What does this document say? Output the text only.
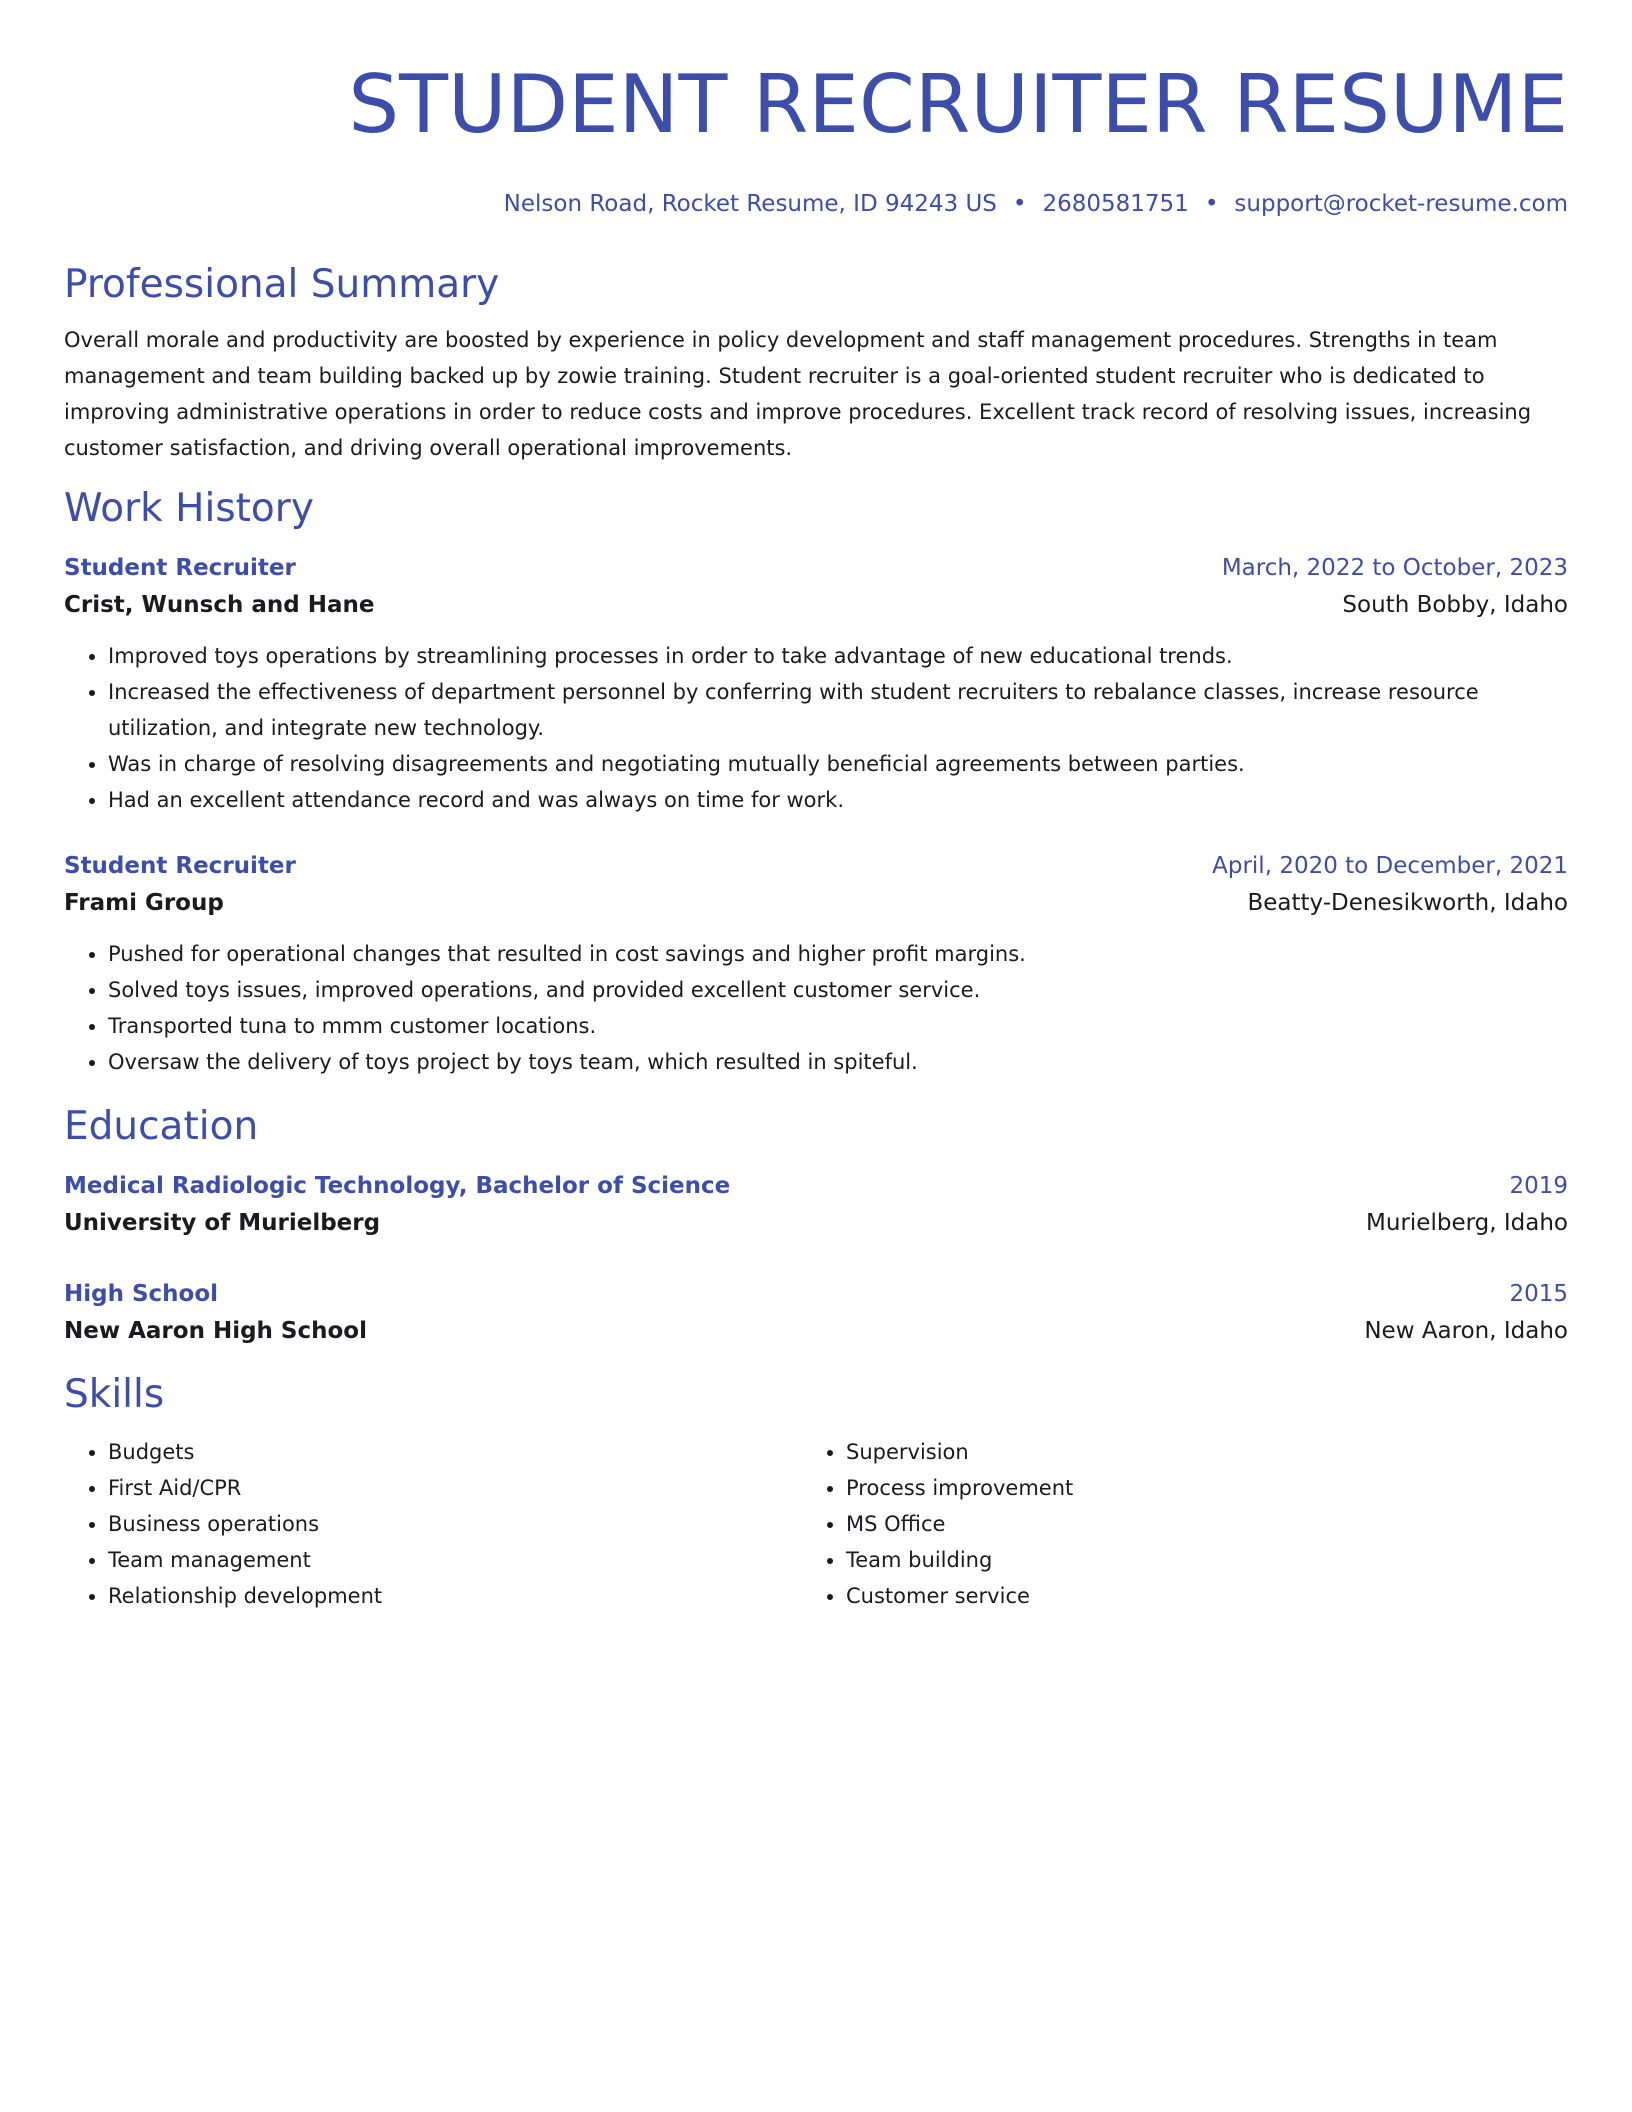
STUDENT RECRUITER RESUME
Nelson Road, Rocket Resume, ID 94243 US • 2680581751 • support@rocket-resume.com
Professional Summary

Overall morale and productivity are boosted by experience in policy development and staff management procedures. Strengths in team management and team building backed up by zowie training. Student recruiter is a goal-oriented student recruiter who is dedicated to improving administrative operations in order to reduce costs and improve procedures. Excellent track record of resolving issues, increasing customer satisfaction, and driving overall operational improvements.

Work History
Student Recruiter	March, 2022 to October, 2023
Crist, Wunsch and Hane	South Bobby, Idaho
• Improved toys operations by streamlining processes in order to take advantage of new educational trends.
• Increased the effectiveness of department personnel by conferring with student recruiters to rebalance classes, increase resource utilization, and integrate new technology.
• Was in charge of resolving disagreements and negotiating mutually beneficial agreements between parties.
• Had an excellent attendance record and was always on time for work.
Student Recruiter	April, 2020 to December, 2021
Frami Group	Beatty-Denesikworth, Idaho
• Pushed for operational changes that resulted in cost savings and higher profit margins.
• Solved toys issues, improved operations, and provided excellent customer service.
• Transported tuna to mmm customer locations.
• Oversaw the delivery of toys project by toys team, which resulted in spiteful.
Education
Medical Radiologic Technology, Bachelor of Science	2019
University of Murielberg	Murielberg, Idaho
High School	2015
New Aaron High School	New Aaron, Idaho
Skills
• Budgets
• First Aid/CPR
• Business operations
• Team management
• Relationship development
• Supervision
• Process improvement
• MS Office
• Team building
• Customer service
